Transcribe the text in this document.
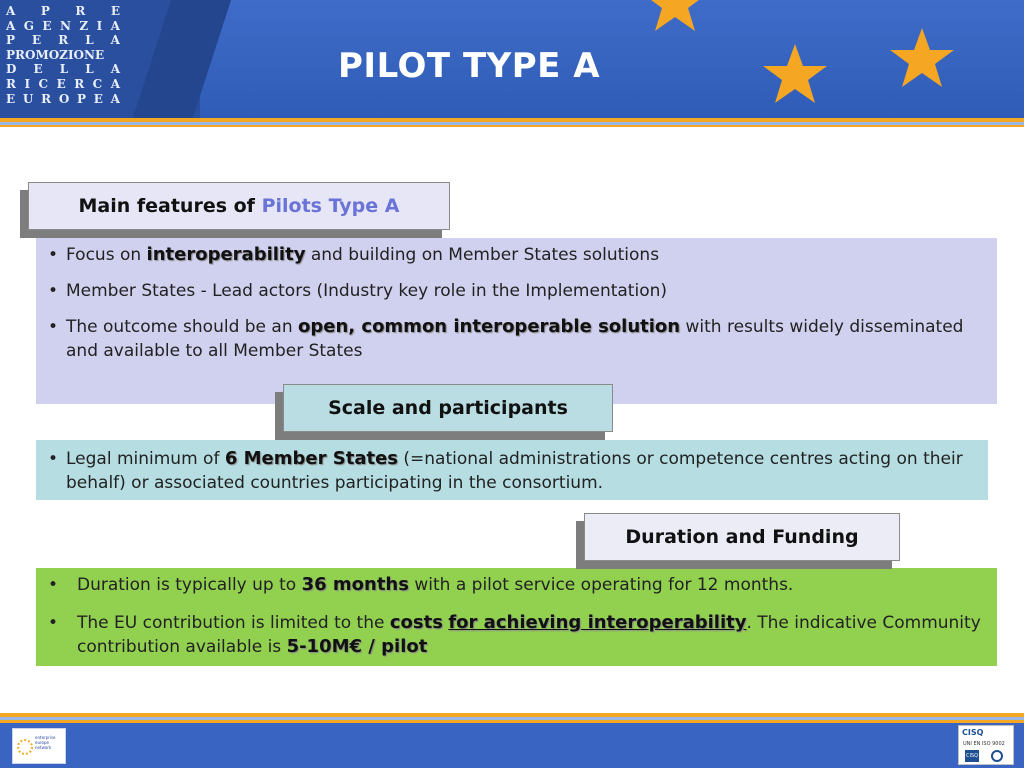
A P R E
A G E N Z I A
P E R L A
PROMOZIONE
D E L L A
R I C E R C A
E U R O P E A
PILOT TYPE A
• Focus on interoperability and building on Member States solutions
• Member States - Lead actors (Industry key role in the Implementation)
• The outcome should be an open, common interoperable solution with results widely disseminated and available to all Member States
Main features of Pilots Type A
• Legal minimum of 6 Member States (=national administrations or competence centres acting on their behalf) or associated countries participating in the consortium.
Scale and participants
• Duration is typically up to 36 months with a pilot service operating for 12 months.
• The EU contribution is limited to the costs for achieving interoperability. The indicative Community contribution available is 5-10M€ / pilot
Duration and Funding
enterprise
europe
network
CISQ
UNI EN ISO 9002
CISQ
